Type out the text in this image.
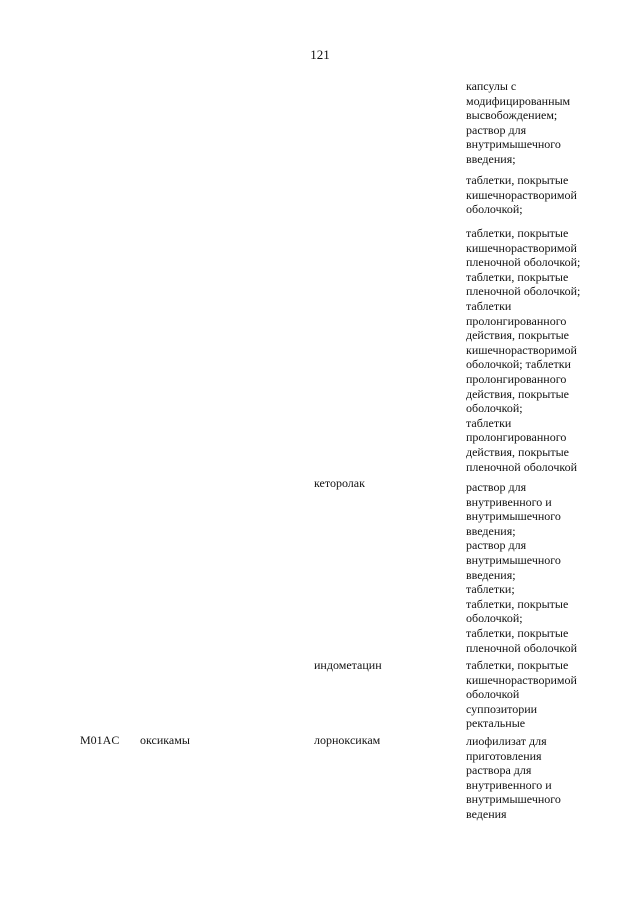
121
капсулы с
модифицированным
высвобождением;
раствор для
внутримышечного
введения;
таблетки, покрытые
кишечнорастворимой
оболочкой;
таблетки, покрытые
кишечнорастворимой
пленочной оболочкой;
таблетки, покрытые
пленочной оболочкой;
таблетки
пролонгированного
действия, покрытые
кишечнорастворимой
оболочкой; таблетки
пролонгированного
действия, покрытые
оболочкой;
таблетки
пролонгированного
действия, покрытые
пленочной оболочкой
раствор для
внутривенного и
внутримышечного
введения;
раствор для
внутримышечного
введения;
таблетки;
таблетки, покрытые
оболочкой;
таблетки, покрытые
пленочной оболочкой
таблетки, покрытые
кишечнорастворимой
оболочкой
суппозитории
ректальные
лиофилизат для
приготовления
раствора для
внутривенного и
внутримышечного
ведения
кеторолак
индометацин
M01AC оксикамы	лорноксикам
